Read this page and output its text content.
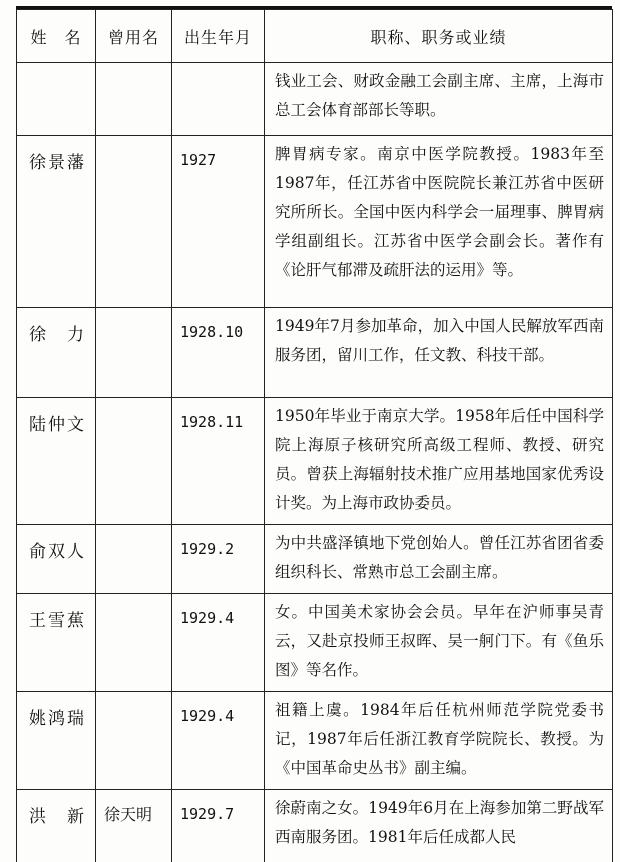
姓　名	曾用名	出生年月	职称、职务或业绩
			钱业工会、财政金融工会副主席、主席，上海市总工会体育部部长等职。
徐景藩		1927	脾胃病专家。南京中医学院教授。1983年至1987年，任江苏省中医院院长兼江苏省中医研究所所长。全国中医内科学会一届理事、脾胃病学组副组长。江苏省中医学会副会长。著作有《论肝气郁滞及疏肝法的运用》等。
徐　力		1928.10	1949年7月参加革命，加入中国人民解放军西南服务团，留川工作，任文教、科技干部。
陆仲文		1928.11	1950年毕业于南京大学。1958年后任中国科学院上海原子核研究所高级工程师、教授、研究员。曾获上海辐射技术推广应用基地国家优秀设计奖。为上海市政协委员。
俞双人		1929.2	为中共盛泽镇地下党创始人。曾任江苏省团省委组织科长、常熟市总工会副主席。
王雪蕉		1929.4	女。中国美术家协会会员。早年在沪师事吴青云，又赴京投师王叔晖、吴一舸门下。有《鱼乐图》等名作。
姚鸿瑞		1929.4	祖籍上虞。1984年后任杭州师范学院党委书记，1987年后任浙江教育学院院长、教授。为《中国革命史丛书》副主编。
洪　新	徐天明	1929.7	徐蔚南之女。1949年6月在上海参加第二野战军西南服务团。1981年后任成都人民
